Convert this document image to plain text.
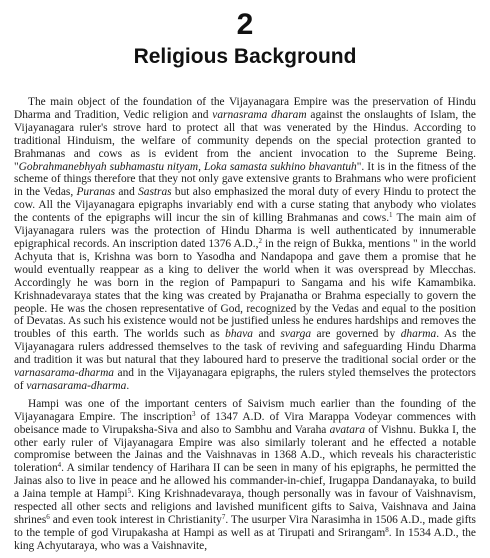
2
Religious Background

The main object of the foundation of the Vijayanagara Empire was the preservation of Hindu Dharma and Tradition, Vedic religion and varnasrama dharam against the onslaughts of Islam, the Vijayanagara ruler's strove hard to protect all that was venerated by the Hindus. According to traditional Hinduism, the welfare of community depends on the special protection granted to Brahmanas and cows as is evident from the ancient invocation to the Supreme Being. "Gobrahmanebhyah subhamastu nityam, Loka samasta sukhino bhavantuh". It is in the fitness of the scheme of things therefore that they not only gave extensive grants to Brahmans who were proficient in the Vedas, Puranas and Sastras but also emphasized the moral duty of every Hindu to protect the cow. All the Vijayanagara epigraphs invariably end with a curse stating that anybody who violates the contents of the epigraphs will incur the sin of killing Brahmanas and cows.$^1$ The main aim of Vijayanagara rulers was the protection of Hindu Dharma is well authenticated by innumerable epigraphical records. An inscription dated 1376 A.D.,$^2$ in the reign of Bukka, mentions " in the world Achyuta that is, Krishna was born to Yasodha and Nandapopa and gave them a promise that he would eventually reappear as a king to deliver the world when it was overspread by Mlecchas. Accordingly he was born in the region of Pampapuri to Sangama and his wife Kamambika. Krishnadevaraya states that the king was created by Prajanatha or Brahma especially to govern the people. He was the chosen representative of God, recognized by the Vedas and equal to the position of Devatas. As such his existence would not be justified unless he endures hardships and removes the troubles of this earth. The worlds such as bhava and svarga are governed by dharma. As the Vijayanagara rulers addressed themselves to the task of reviving and safeguarding Hindu Dharma and tradition it was but natural that they laboured hard to preserve the traditional social order or the varnasarama-dharma and in the Vijayanagara epigraphs, the rulers styled themselves the protectors of varnasarama-dharma.

Hampi was one of the important centers of Saivism much earlier than the founding of the Vijayanagara Empire. The inscription$^3$ of 1347 A.D. of Vira Marappa Vodeyar commences with obeisance made to Virupaksha-Siva and also to Sambhu and Varaha avatara of Vishnu. Bukka I, the other early ruler of Vijayanagara Empire was also similarly tolerant and he effected a notable compromise between the Jainas and the Vaishnavas in 1368 A.D., which reveals his characteristic toleration$^4$. A similar tendency of Harihara II can be seen in many of his epigraphs, he permitted the Jainas also to live in peace and he allowed his commander-in-chief, Irugappa Dandanayaka, to build a Jaina temple at Hampi$^5$. King Krishnadevaraya, though personally was in favour of Vaishnavism, respected all other sects and religions and lavished munificent gifts to Saiva, Vaishnava and Jaina shrines$^6$ and even took interest in Christianity$^7$. The usurper Vira Narasimha in 1506 A.D., made gifts to the temple of god Virupakasha at Hampi as well as at Tirupati and Srirangam$^8$. In 1534 A.D., the king Achyutaraya, who was a Vaishnavite,
